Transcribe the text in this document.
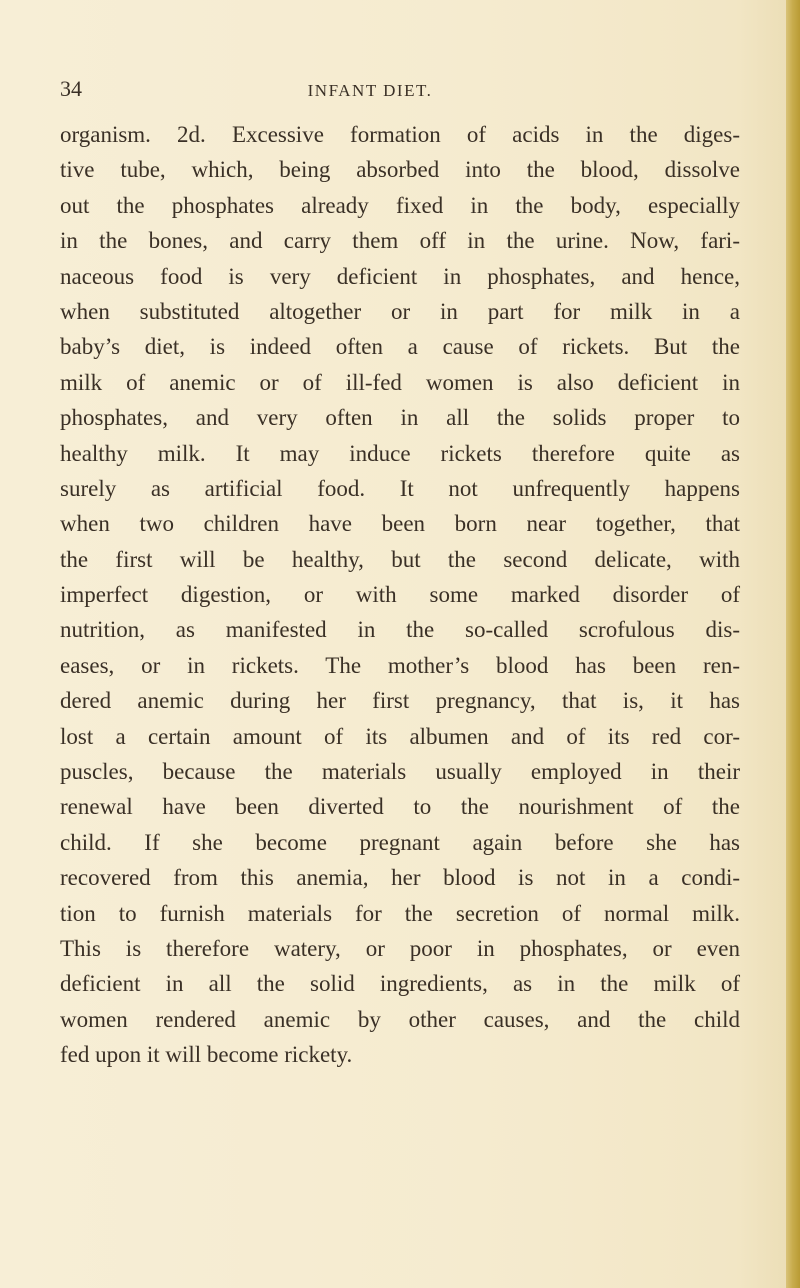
34	INFANT DIET.
organism. 2d. Excessive formation of acids in the diges-
tive tube, which, being absorbed into the blood, dissolve
out the phosphates already fixed in the body, especially
in the bones, and carry them off in the urine. Now, fari-
naceous food is very deficient in phosphates, and hence,
when substituted altogether or in part for milk in a
baby’s diet, is indeed often a cause of rickets. But the
milk of anemic or of ill-fed women is also deficient in
phosphates, and very often in all the solids proper to
healthy milk. It may induce rickets therefore quite as
surely as artificial food. It not unfrequently happens
when two children have been born near together, that
the first will be healthy, but the second delicate, with
imperfect digestion, or with some marked disorder of
nutrition, as manifested in the so-called scrofulous dis-
eases, or in rickets. The mother’s blood has been ren-
dered anemic during her first pregnancy, that is, it has
lost a certain amount of its albumen and of its red cor-
puscles, because the materials usually employed in their
renewal have been diverted to the nourishment of the
child. If she become pregnant again before she has
recovered from this anemia, her blood is not in a condi-
tion to furnish materials for the secretion of normal milk.
This is therefore watery, or poor in phosphates, or even
deficient in all the solid ingredients, as in the milk of
women rendered anemic by other causes, and the child
fed upon it will become rickety.
